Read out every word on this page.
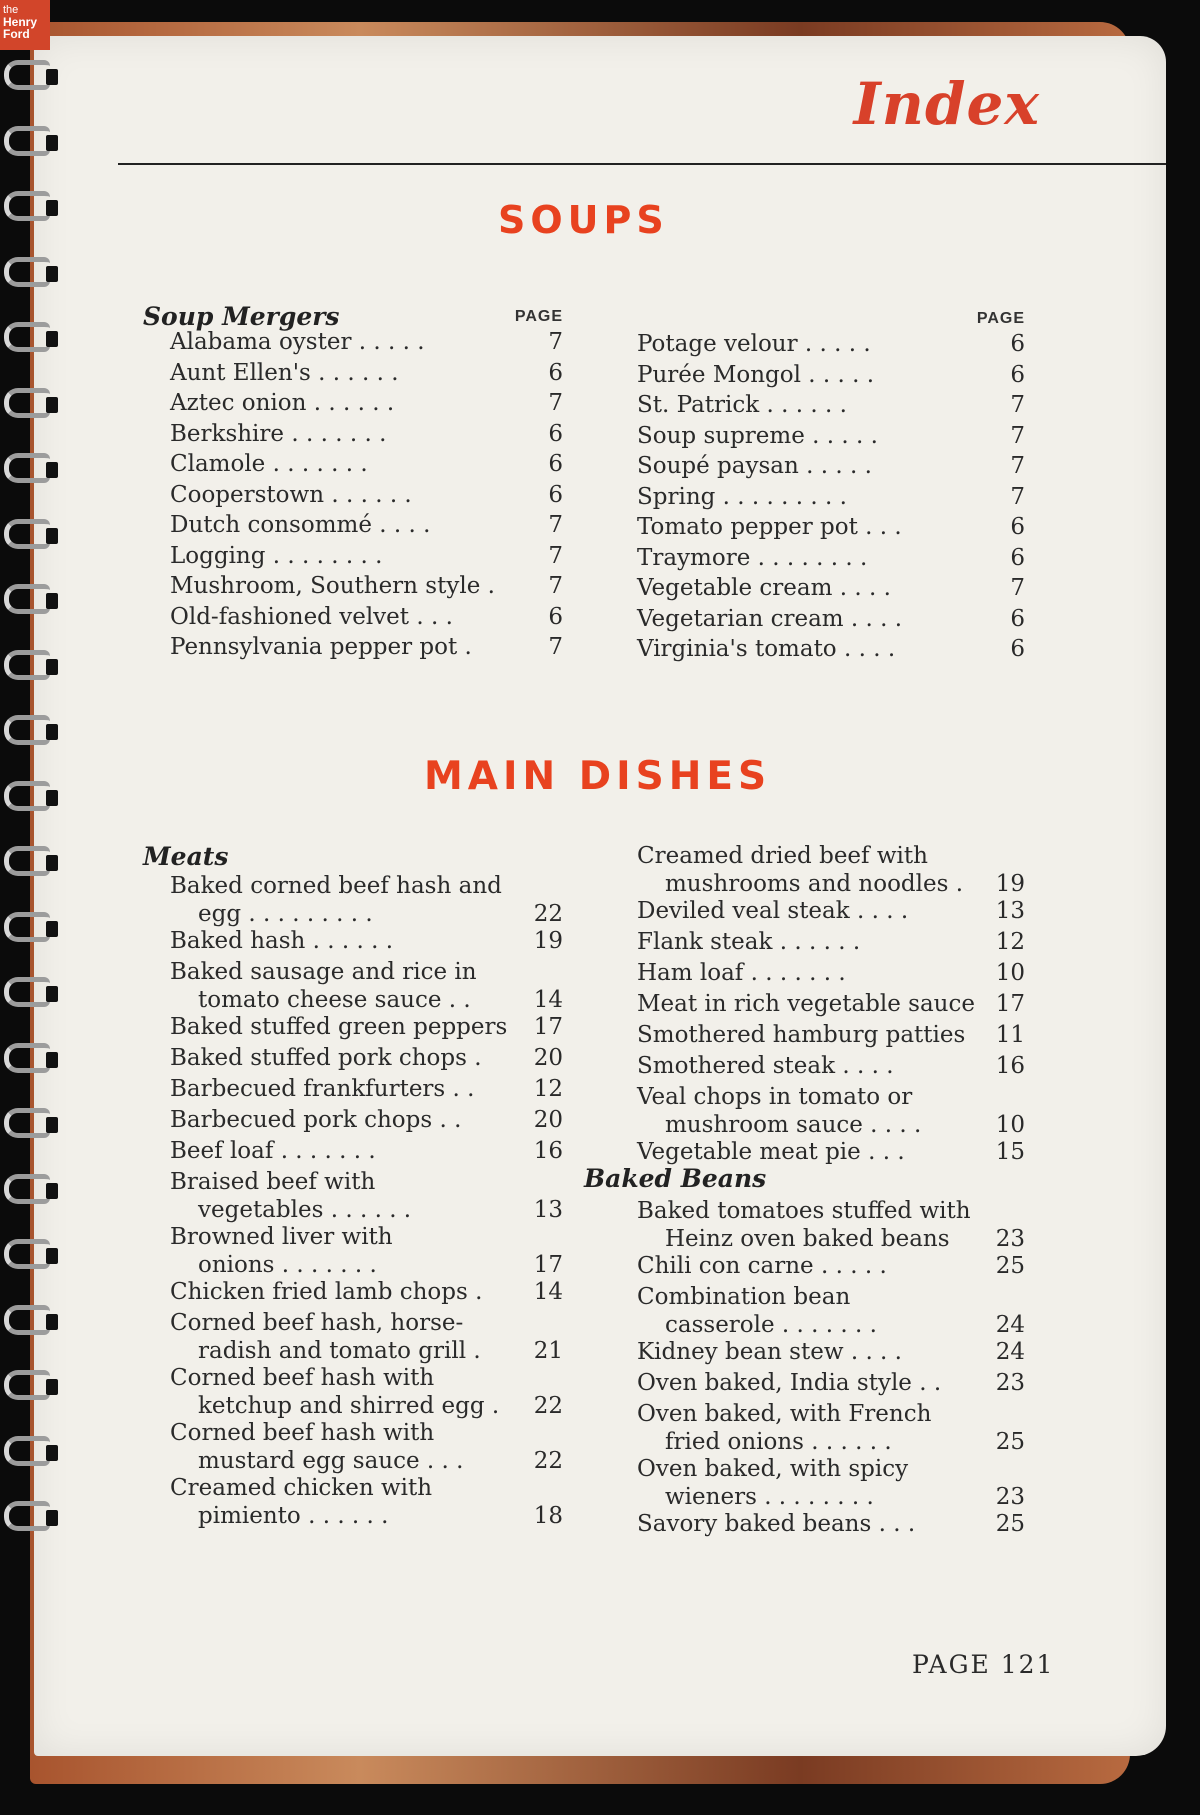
the
Henry
Ford
Index
SOUPS
Soup Mergers	PAGE
Alabama oyster . . . . .	7
Aunt Ellen's . . . . . .	6
Aztec onion . . . . . .	7
Berkshire . . . . . . .	6
Clamole . . . . . . .	6
Cooperstown . . . . . .	6
Dutch consommé . . . .	7
Logging . . . . . . . .	7
Mushroom, Southern style .	7
Old-fashioned velvet . . .	6
Pennsylvania pepper pot .	7
PAGE
Potage velour . . . . .	6
Purée Mongol . . . . .	6
St. Patrick . . . . . .	7
Soup supreme . . . . .	7
Soupé paysan . . . . .	7
Spring . . . . . . . . .	7
Tomato pepper pot . . .	6
Traymore . . . . . . . .	6
Vegetable cream . . . .	7
Vegetarian cream . . . .	6
Virginia's tomato . . . .	6
MAIN DISHES
Meats
Baked corned beef hash and
egg . . . . . . . . .	22
Baked hash . . . . . .	19
Baked sausage and rice in
tomato cheese sauce . .	14
Baked stuffed green peppers	17
Baked stuffed pork chops .	20
Barbecued frankfurters . .	12
Barbecued pork chops . .	20
Beef loaf . . . . . . .	16
Braised beef with
vegetables . . . . . .	13
Browned liver with
onions . . . . . . .	17
Chicken fried lamb chops .	14
Corned beef hash, horse-
radish and tomato grill .	21
Corned beef hash with
ketchup and shirred egg .	22
Corned beef hash with
mustard egg sauce . . .	22
Creamed chicken with
pimiento . . . . . .	18
Creamed dried beef with
mushrooms and noodles .	19
Deviled veal steak . . . .	13
Flank steak . . . . . .	12
Ham loaf . . . . . . .	10
Meat in rich vegetable sauce 17
Smothered hamburg patties	11
Smothered steak . . . .	16
Veal chops in tomato or
mushroom sauce . . . .	10
Vegetable meat pie . . .	15
Baked Beans
Baked tomatoes stuffed with
Heinz oven baked beans	23
Chili con carne . . . . .	25
Combination bean
casserole . . . . . . .	24
Kidney bean stew . . . .	24
Oven baked, India style . .	23
Oven baked, with French
fried onions . . . . . .	25
Oven baked, with spicy
wieners . . . . . . . .	23
Savory baked beans . . .	25
PAGE 121
